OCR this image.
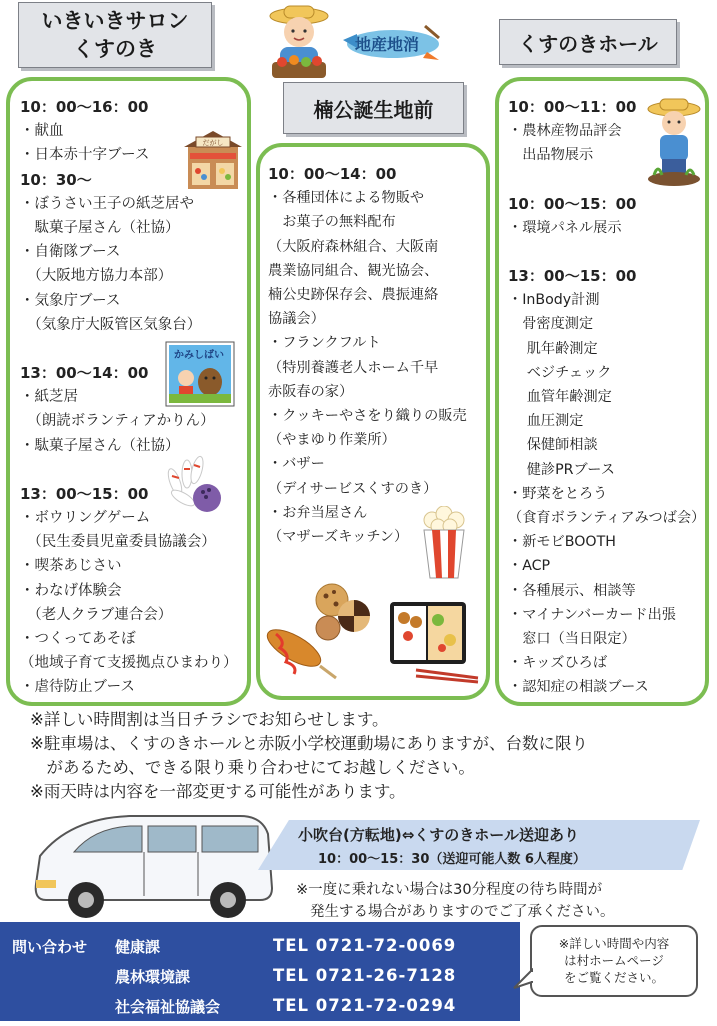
いきいきサロン
くすのき
楠公誕生地前
くすのきホール
10：00～16：00
・献血
・日本赤十字ブース
10：30～
・ぼうさい王子の紙芝居や
　駄菓子屋さん（社協）
・自衛隊ブース
　（大阪地方協力本部）
・気象庁ブース
　（気象庁大阪管区気象台）
13：00～14：00
・紙芝居
　（朗読ボランティアかりん）
・駄菓子屋さん（社協）
13：00～15：00
・ボウリングゲーム
　（民生委員児童委員協議会）
・喫茶あじさい
・わなげ体験会
　（老人クラブ連合会）
・つくってあそぼ
（地域子育て支援拠点ひまわり）
・虐待防止ブース
10：00～14：00
・各種団体による物販や
　お菓子の無料配布
（大阪府森林組合、大阪南
農業協同組合、観光協会、
楠公史跡保存会、農振連絡
協議会）
・フランクフルト
（特別養護老人ホーム千早
赤阪春の家）
・クッキーやさをり織りの販売
（やまゆり作業所）
・バザー
（デイサービスくすのき）
・お弁当屋さん
（マザーズキッチン）
10：00～11：00
・農林産物品評会
　出品物展示
10：00～15：00
・環境パネル展示
13：00～15：00
・InBody計測
　骨密度測定
　 肌年齢測定
　 ベジチェック
　 血管年齢測定
　 血圧測定
　 保健師相談
　 健診PRブース
・野菜をとろう
（食育ボランティアみつば会）
・新モビBOOTH
・ACP
・各種展示、相談等
・マイナンバーカード出張
　窓口（当日限定）
・キッズひろば
・認知症の相談ブース
地産地消
だがし
かみしばい
※詳しい時間割は当日チラシでお知らせします。
※駐車場は、くすのきホールと赤阪小学校運動場にありますが、台数に限り
　があるため、できる限り乗り合わせにてお越しください。
※雨天時は内容を一部変更する可能性があります。
小吹台(方転地)⇔くすのきホール送迎あり
10：00～15：30（送迎可能人数 6人程度）
※一度に乗れない場合は30分程度の待ち時間が
発生する場合がありますのでご了承ください。
問い合わせ 健康課	TEL 0721-72-0069
農林環境課	TEL 0721-26-7128
社会福祉協議会	TEL 0721-72-0294
※詳しい時間や内容
は村ホームページ
をご覧ください。
